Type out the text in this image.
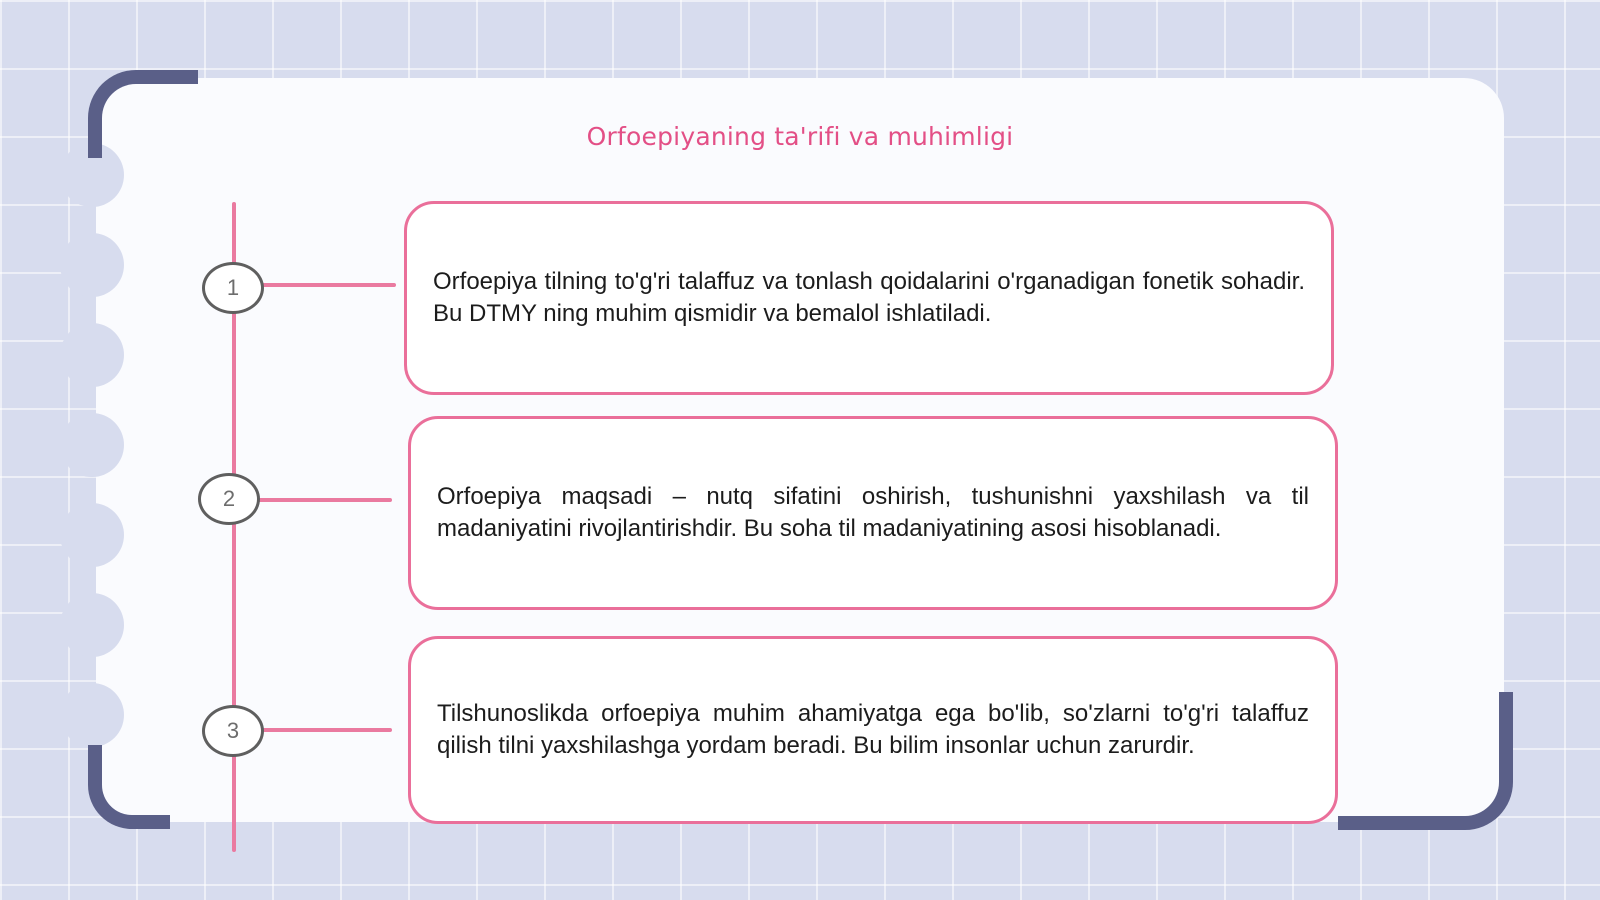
Orfoepiyaning ta'rifi va muhimligi
1
2
3

Orfoepiya tilning to'g'ri talaffuz va tonlash qoidalarini o'rganadigan fonetik sohadir. Bu DTMY ning muhim qismidir va bemalol ishlatiladi.

Orfoepiya maqsadi – nutq sifatini oshirish, tushunishni yaxshilash va til madaniyatini rivojlantirishdir. Bu soha til madaniyatining asosi hisoblanadi.

Tilshunoslikda orfoepiya muhim ahamiyatga ega bo'lib, so'zlarni to'g'ri talaffuz qilish tilni yaxshilashga yordam beradi. Bu bilim insonlar uchun zarurdir.
